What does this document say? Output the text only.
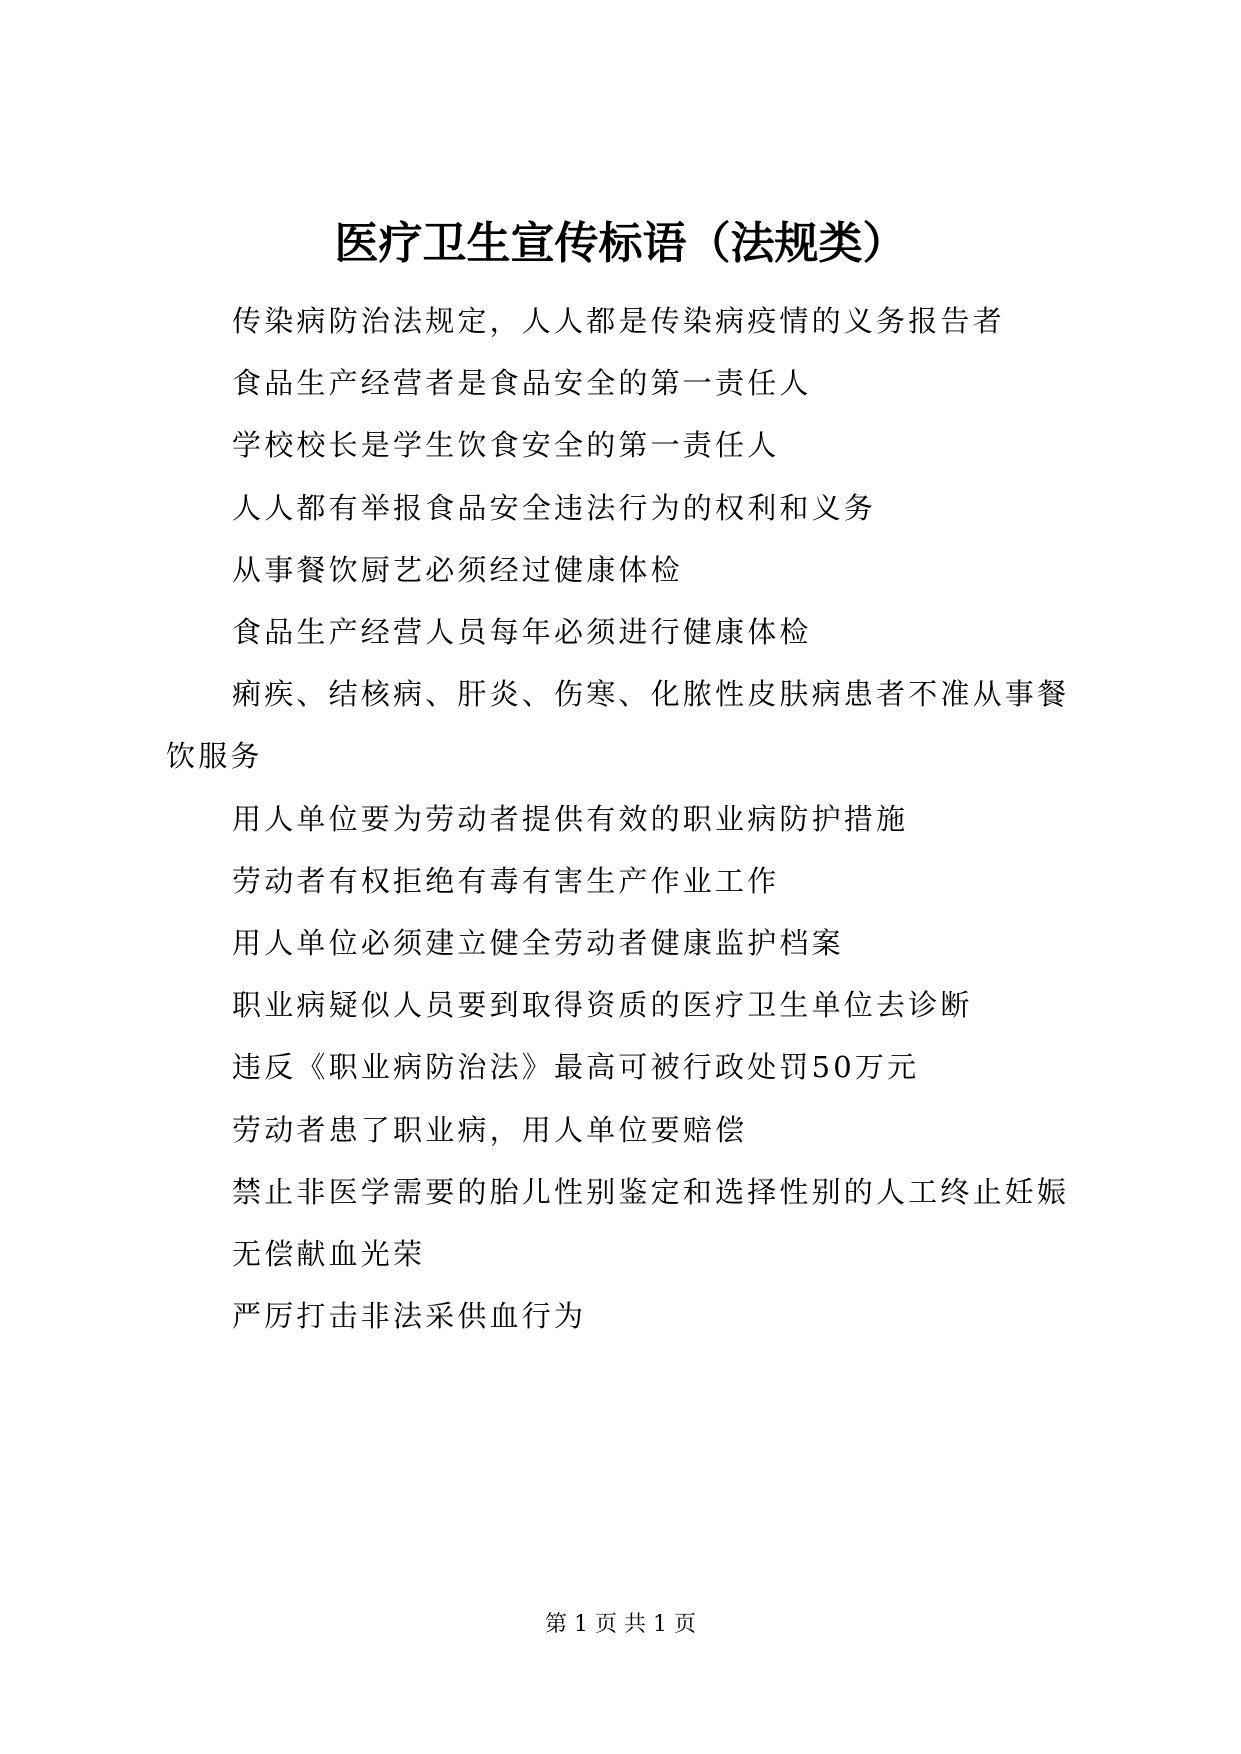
医疗卫生宣传标语（法规类）

传染病防治法规定，人人都是传染病疫情的义务报告者

食品生产经营者是食品安全的第一责任人

学校校长是学生饮食安全的第一责任人

人人都有举报食品安全违法行为的权利和义务

从事餐饮厨艺必须经过健康体检

食品生产经营人员每年必须进行健康体检

痢疾、结核病、肝炎、伤寒、化脓性皮肤病患者不准从事餐饮服务

用人单位要为劳动者提供有效的职业病防护措施

劳动者有权拒绝有毒有害生产作业工作

用人单位必须建立健全劳动者健康监护档案

职业病疑似人员要到取得资质的医疗卫生单位去诊断

违反《职业病防治法》最高可被行政处罚50万元

劳动者患了职业病，用人单位要赔偿

禁止非医学需要的胎儿性别鉴定和选择性别的人工终止妊娠

无偿献血光荣

严厉打击非法采供血行为

第 1 页 共 1 页
